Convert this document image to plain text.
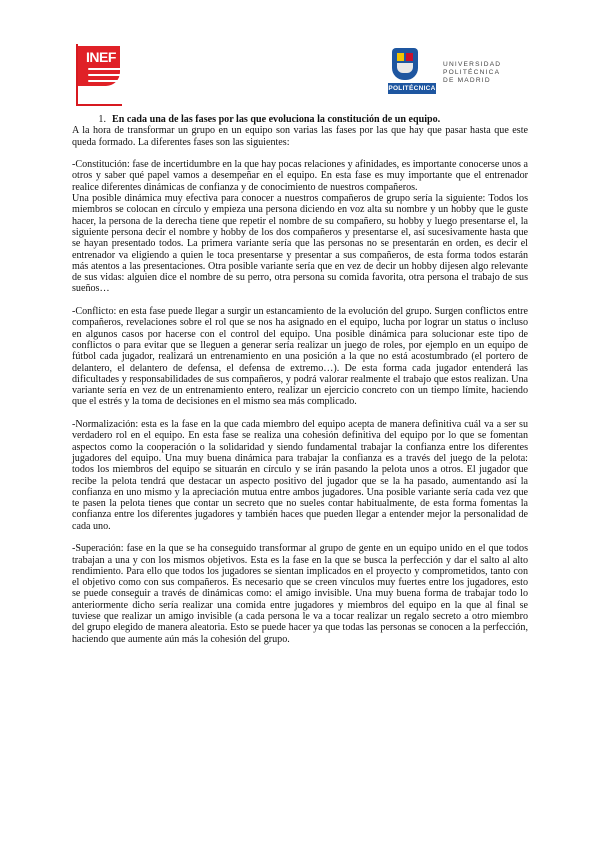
INEF
POLITÉCNICA
UNIVERSIDAD
POLITÉCNICA
DE MADRID
1. En cada una de las fases por las que evoluciona la constitución de un equipo.

A la hora de transformar un grupo en un equipo son varias las fases por las que hay que pasar hasta que este queda formado. La diferentes fases son las siguientes:

-Constitución: fase de incertidumbre en la que hay pocas relaciones y afinidades, es importante conocerse unos a otros y saber qué papel vamos a desempeñar en el equipo. En esta fase es muy importante que el entrenador realice diferentes dinámicas de confianza y de conocimiento de nuestros compañeros.

Una posible dinámica muy efectiva para conocer a nuestros compañeros de grupo sería la siguiente: Todos los miembros se colocan en círculo y empieza una persona diciendo en voz alta su nombre y un hobby que le guste hacer, la persona de la derecha tiene que repetir el nombre de su compañero, su hobby y luego presentarse el, la siguiente persona decir el nombre y hobby de los dos compañeros y presentarse el, así sucesivamente hasta que se hayan presentado todos. La primera variante sería que las personas no se presentarán en orden, es decir el entrenador va eligiendo a quien le toca presentarse y presentar a sus compañeros, de esta forma todos estarán más atentos a las presentaciones. Otra posible variante sería que en vez de decir un hobby dijesen algo relevante de sus vidas: alguien dice el nombre de su perro, otra persona su comida favorita, otra persona el trabajo de sus sueños…

-Conflicto: en esta fase puede llegar a surgir un estancamiento de la evolución del grupo. Surgen conflictos entre compañeros, revelaciones sobre el rol que se nos ha asignado en el equipo, lucha por lograr un status o incluso en algunos casos por hacerse con el control del equipo. Una posible dinámica para solucionar este tipo de conflictos o para evitar que se lleguen a generar sería realizar un juego de roles, por ejemplo en un equipo de fútbol cada jugador, realizará un entrenamiento en una posición a la que no está acostumbrado (el portero de delantero, el delantero de defensa, el defensa de extremo…). De esta forma cada jugador entenderá las dificultades y responsabilidades de sus compañeros, y podrá valorar realmente el trabajo que estos realizan. Una variante sería en vez de un entrenamiento entero, realizar un ejercicio concreto con un tiempo límite, haciendo que el estrés y la toma de decisiones en el mismo sea más complicado.

-Normalización: esta es la fase en la que cada miembro del equipo acepta de manera definitiva cuál va a ser su verdadero rol en el equipo. En esta fase se realiza una cohesión definitiva del equipo por lo que se fomentan aspectos como la cooperación o la solidaridad y siendo fundamental trabajar la confianza entre los diferentes jugadores del equipo. Una muy buena dinámica para trabajar la confianza es a través del juego de la pelota: todos los miembros del equipo se situarán en círculo y se irán pasando la pelota unos a otros. El jugador que recibe la pelota tendrá que destacar un aspecto positivo del jugador que se la ha pasado, aumentando así la confianza en uno mismo y la apreciación mutua entre ambos jugadores. Una posible variante sería cada vez que te pasen la pelota tienes que contar un secreto que no sueles contar habitualmente, de esta forma fomentas la confianza entre los diferentes jugadores y también haces que pueden llegar a entender mejor la personalidad de cada uno.

-Superación: fase en la que se ha conseguido transformar al grupo de gente en un equipo unido en el que todos trabajan a una y con los mismos objetivos. Esta es la fase en la que se busca la perfección y dar el salto al alto rendimiento. Para ello que todos los jugadores se sientan implicados en el proyecto y comprometidos, tanto con el objetivo como con sus compañeros. Es necesario que se creen vínculos muy fuertes entre los jugadores, esto se puede conseguir a través de dinámicas como: el amigo invisible. Una muy buena forma de trabajar todo lo anteriormente dicho sería realizar una comida entre jugadores y miembros del equipo en la que al final se tuviese que realizar un amigo invisible (a cada persona le va a tocar realizar un regalo secreto a otro miembro del grupo elegido de manera aleatoria. Esto se puede hacer ya que todas las personas se conocen a la perfección, haciendo que aumente aún más la cohesión del grupo.
